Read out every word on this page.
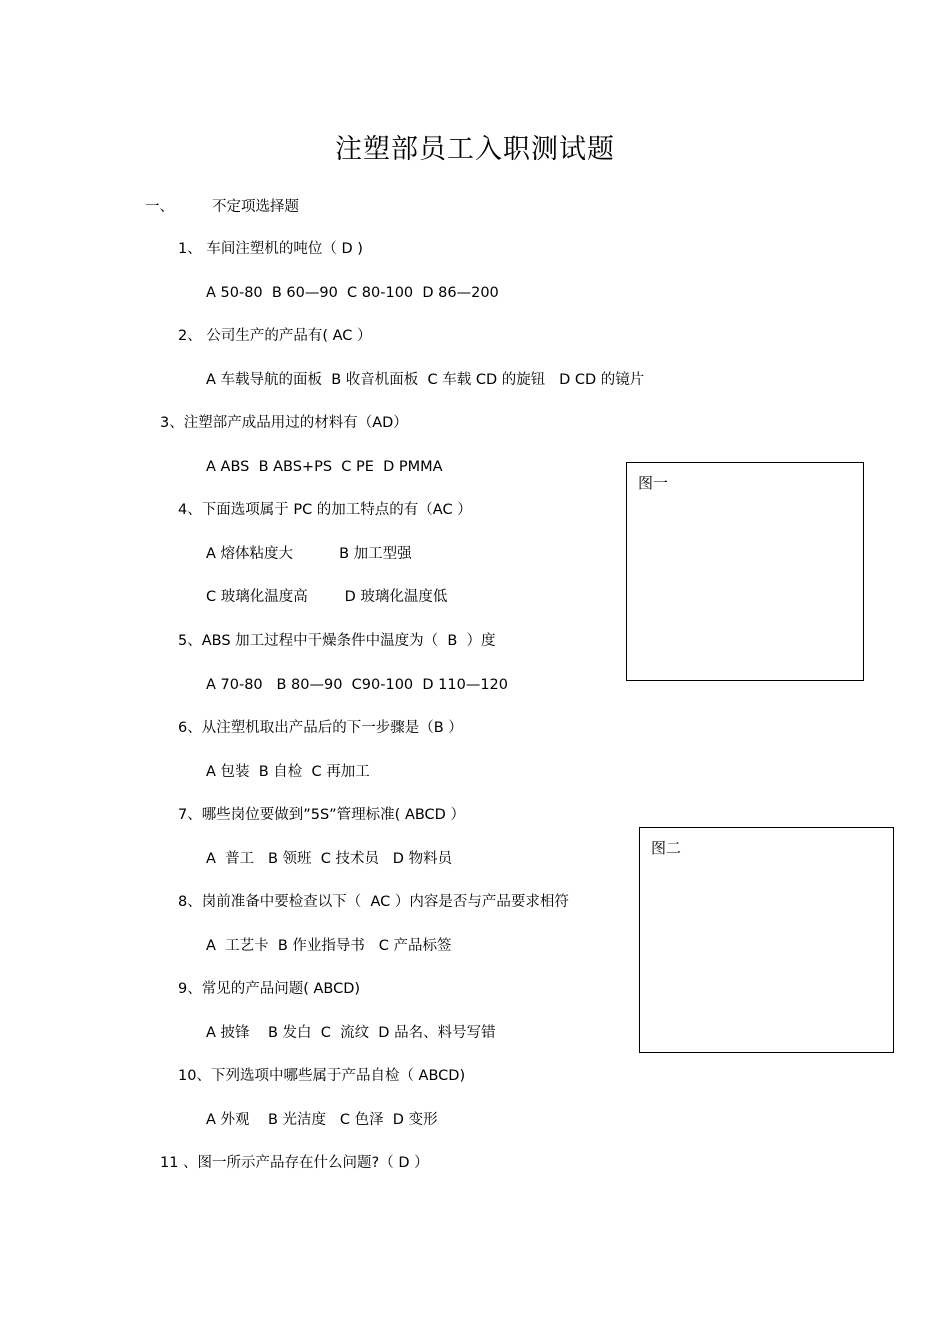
注塑部员工入职测试题
一、	不定项选择题
1、 车间注塑机的吨位（ D )
A 50-80  B 60—90  C 80-100  D 86—200
2、 公司生产的产品有( AC ）
A 车载导航的面板  B 收音机面板  C 车载 CD 的旋钮   D CD 的镜片
3、注塑部产成品用过的材料有（AD）
A ABS  B ABS+PS  C PE  D PMMA
4、下面选项属于 PC 的加工特点的有（AC ）
A 熔体粘度大          B 加工型强
C 玻璃化温度高        D 玻璃化温度低
5、ABS 加工过程中干燥条件中温度为（  B  ）度
A 70-80   B 80—90  C90-100  D 110—120
6、从注塑机取出产品后的下一步骤是（B ）
A 包装  B 自检  C 再加工
7、哪些岗位要做到”5S”管理标准( ABCD ）
A  普工   B 领班  C 技术员   D 物料员
8、岗前准备中要检查以下（  AC ）内容是否与产品要求相符
A  工艺卡  B 作业指导书   C 产品标签
9、常见的产品问题( ABCD)
A 披锋    B 发白  C  流纹  D 品名、料号写错
10、下列选项中哪些属于产品自检（ ABCD)
A 外观    B 光洁度   C 色泽  D 变形
11 、图一所示产品存在什么问题?（ D ）
图一
图二
